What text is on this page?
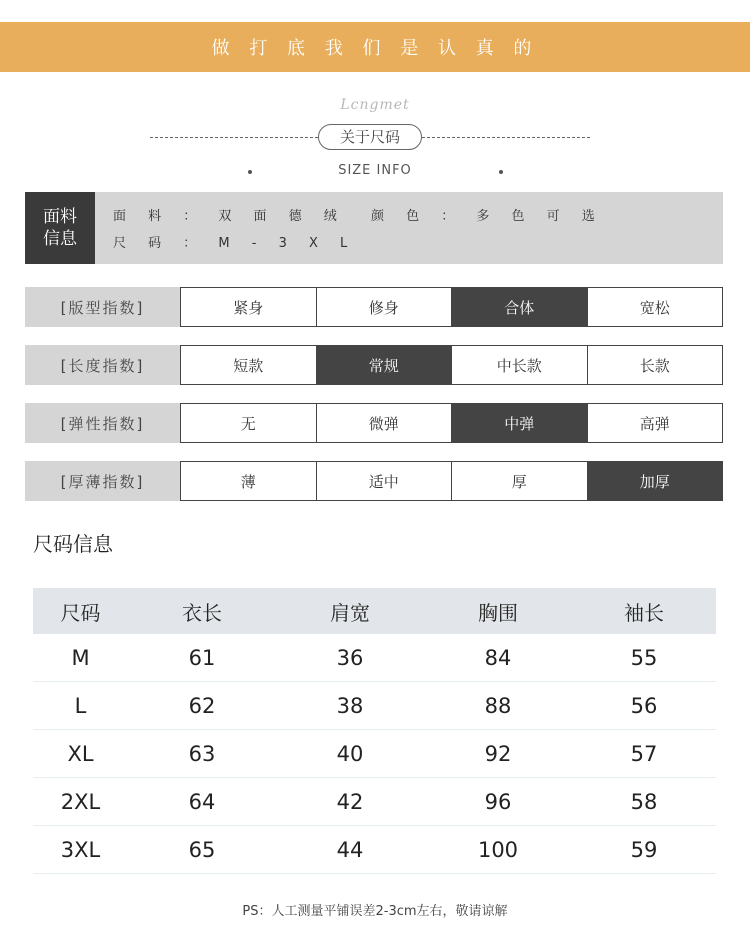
做 打 底 我 们 是 认 真 的
Lcngmet
关于尺码
SIZE INFO
面料信息
面 料 ： 双 面 德 绒 颜 色 ： 多 色 可 选
尺 码 ： M - 3 X L
[版型指数]	紧身	修身	合体	宽松
[长度指数]	短款	常规	中长款	长款
[弹性指数]	无	微弹	中弹	高弹
[厚薄指数]	薄	适中	厚	加厚
尺码信息
尺码	衣长	肩宽	胸围	袖长
M	61	36	84	55
L	62	38	88	56
XL	63	40	92	57
2XL	64	42	96	58
3XL	65	44	100	59
PS：人工测量平铺误差2-3cm左右，敬请谅解
